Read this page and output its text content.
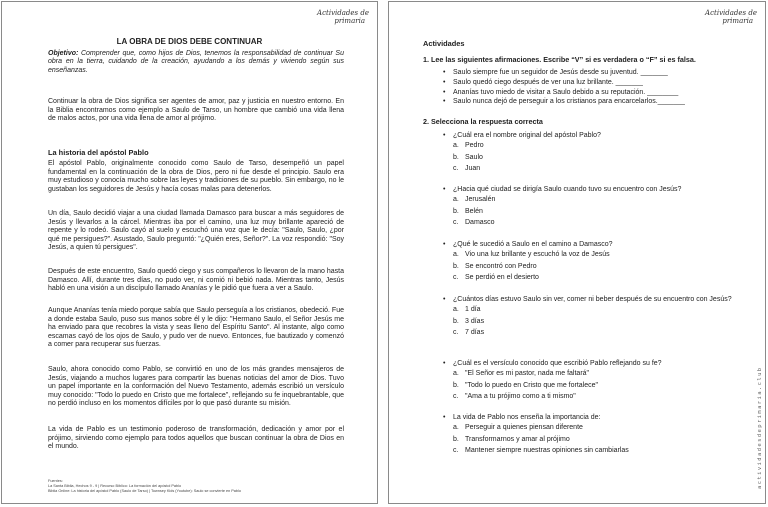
Actividades de

primaria
LA OBRA DE DIOS DEBE CONTINUAR
Objetivo: Comprender que, como hijos de Dios, tenemos la responsabilidad de continuar Su obra en la tierra, cuidando de la creación, ayudando a los demás y viviendo según sus enseñanzas.
Continuar la obra de Dios significa ser agentes de amor, paz y justicia en nuestro entorno. En la Biblia encontramos como ejemplo a Saulo de Tarso, un hombre que cambió una vida llena de malos actos, por una vida llena de amor al prójimo.
La historia del apóstol Pablo
El apóstol Pablo, originalmente conocido como Saulo de Tarso, desempeñó un papel fundamental en la continuación de la obra de Dios, pero ni fue desde el principio. Saulo era muy estudioso y conocía mucho sobre las leyes y tradiciones de su pueblo. Sin embargo, no le gustaban los seguidores de Jesús y hacía cosas malas para detenerlos.
Un día, Saulo decidió viajar a una ciudad llamada Damasco para buscar a más seguidores de Jesús y llevarlos a la cárcel. Mientras iba por el camino, una luz muy brillante apareció de repente y lo rodeó. Saulo cayó al suelo y escuchó una voz que le decía: "Saulo, Saulo, ¿por qué me persigues?". Asustado, Saulo preguntó: "¿Quién eres, Señor?". La voz respondió: "Soy Jesús, a quien tú persigues".
Después de este encuentro, Saulo quedó ciego y sus compañeros lo llevaron de la mano hasta Damasco. Allí, durante tres días, no pudo ver, ni comió ni bebió nada. Mientras tanto, Jesús habló en una visión a un discípulo llamado Ananías y le pidió que fuera a ver a Saulo.
Aunque Ananías tenía miedo porque sabía que Saulo perseguía a los cristianos, obedeció. Fue a donde estaba Saulo, puso sus manos sobre él y le dijo: "Hermano Saulo, el Señor Jesús me ha enviado para que recobres la vista y seas lleno del Espíritu Santo". Al instante, algo como escamas cayó de los ojos de Saulo, y pudo ver de nuevo. Entonces, fue bautizado y comenzó a comer para recuperar sus fuerzas.
Saulo, ahora conocido como Pablo, se convirtió en uno de los más grandes mensajeros de Jesús, viajando a muchos lugares para compartir las buenas noticias del amor de Dios. Tuvo un papel importante en la conformación del Nuevo Testamento, además escribió un versículo muy conocido: "Todo lo puedo en Cristo que me fortalece", reflejando su fe inquebrantable, que no perdió incluso en los momentos difíciles por lo que pasó durante su misión.
La vida de Pablo es un testimonio poderoso de transformación, dedicación y amor por el prójimo, sirviendo como ejemplo para todos aquellos que buscan continuar la obra de Dios en el mundo.
Fuentes:
La Santa Biblia, Hechos 9 - 9 | Recurso Bíblico: La formación del apóstol Pablo
Biblia Online: La historia del apóstol Pablo (Saulo de Tarso) | Townsey Kids (Youtube): Saulo se convierte en Pablo
Actividades de

primaria
Actividades
1. Lee las siguientes afirmaciones. Escribe “V” si es verdadera o “F” si es falsa.
• Saulo siempre fue un seguidor de Jesús desde su juventud. _______
• Saulo quedó ciego después de ver una luz brillante. _______
• Ananías tuvo miedo de visitar a Saulo debido a su reputación. ________
• Saulo nunca dejó de perseguir a los cristianos para encarcelarlos._______
2. Selecciona la respuesta correcta
• ¿Cuál era el nombre original del apóstol Pablo?
a. Pedro
b. Saulo
c. Juan
• ¿Hacia qué ciudad se dirigía Saulo cuando tuvo su encuentro con Jesús?
a. Jerusalén
b. Belén
c. Damasco
• ¿Qué le sucedió a Saulo en el camino a Damasco?
a. Vio una luz brillante y escuchó la voz de Jesús
b. Se encontró con Pedro
c. Se perdió en el desierto
• ¿Cuántos días estuvo Saulo sin ver, comer ni beber después de su encuentro con Jesús?
a. 1 día
b. 3 días
c. 7 días
• ¿Cuál es el versículo conocido que escribió Pablo reflejando su fe?
a. "El Señor es mi pastor, nada me faltará"
b. "Todo lo puedo en Cristo que me fortalece"
c. "Ama a tu prójimo como a ti mismo"
• La vida de Pablo nos enseña la importancia de:
a. Perseguir a quienes piensan diferente
b. Transformarnos y amar al prójimo
c. Mantener siempre nuestras opiniones sin cambiarlas	actividadesdeprimaria.club
